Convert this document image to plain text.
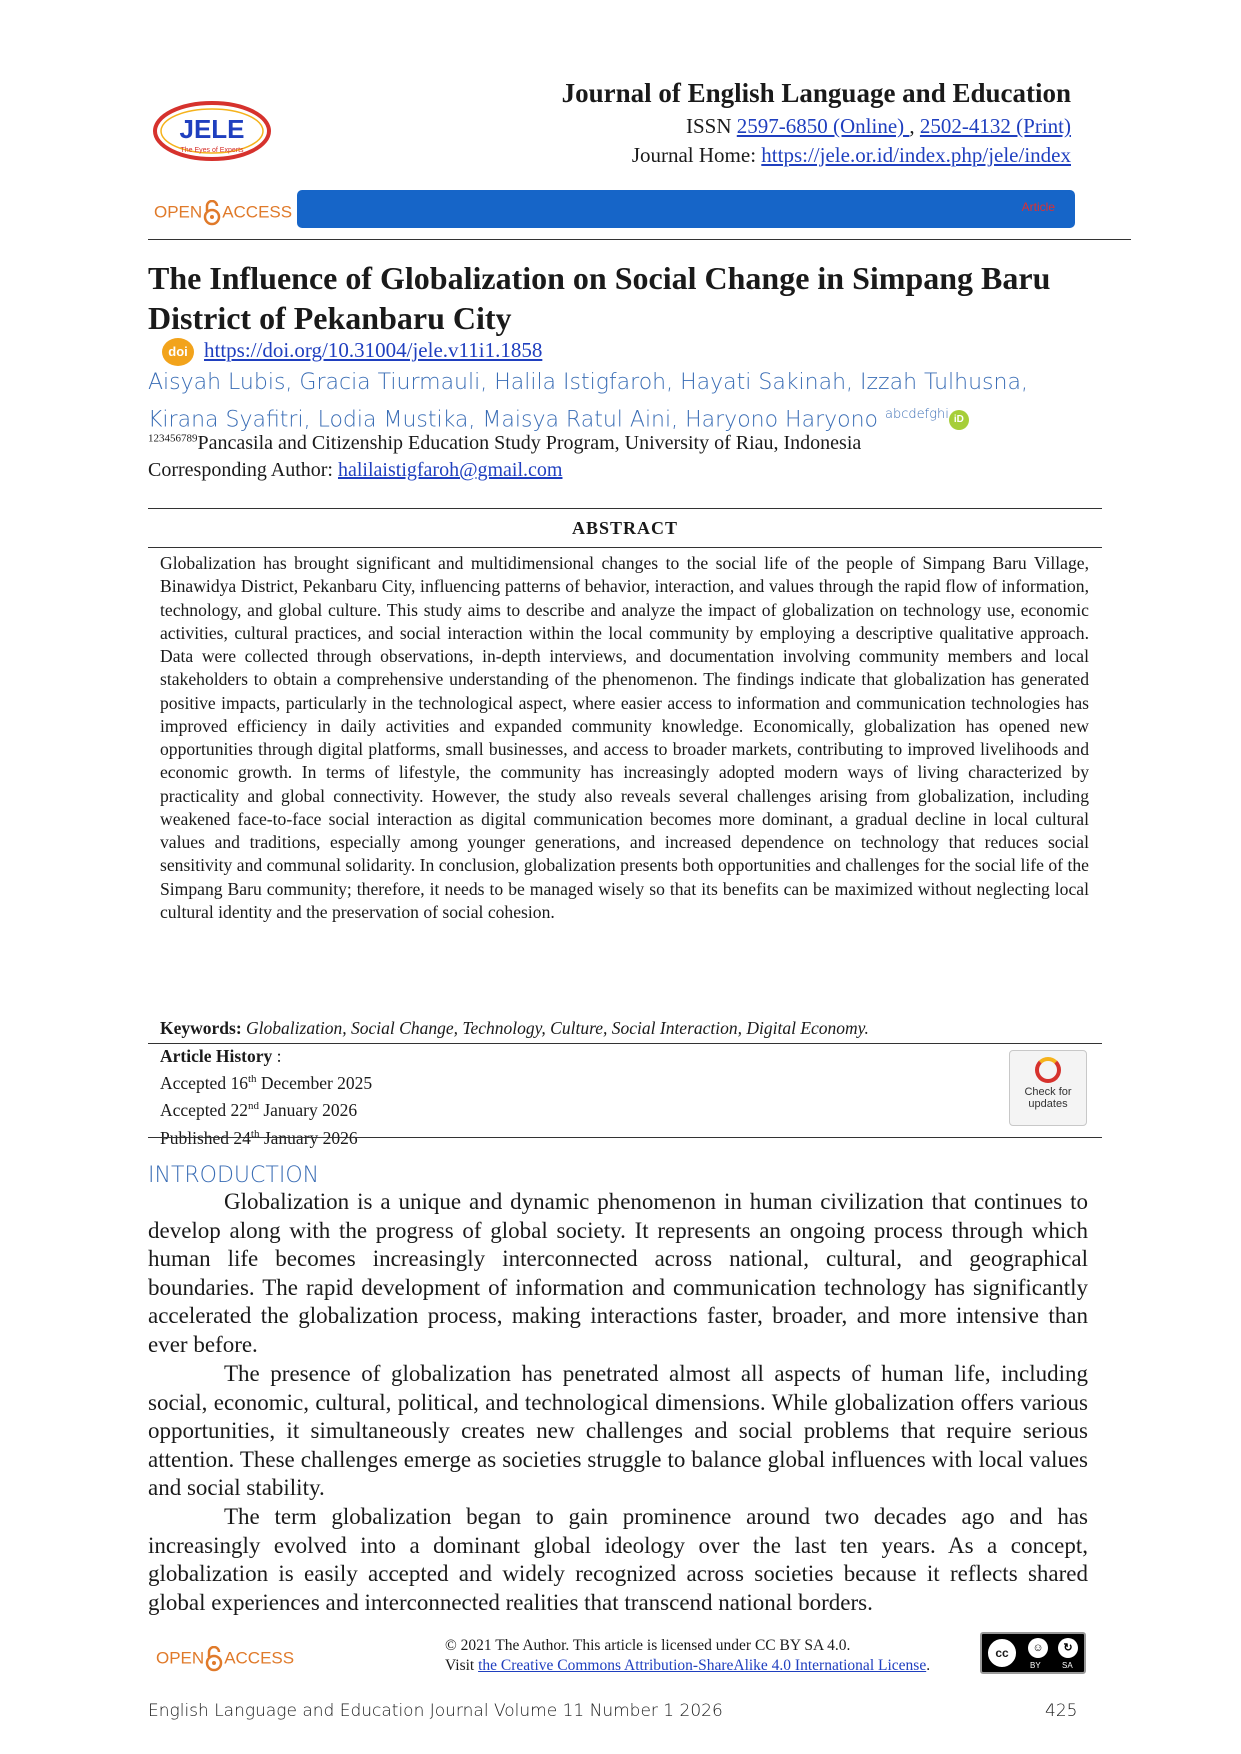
JELE
The Eyes of Experts
Journal of English Language and Education
ISSN 2597-6850 (Online) , 2502-4132 (Print)
Journal Home: https://jele.or.id/index.php/jele/index
OPEN ACCESS	Article
The Influence of Globalization on Social Change in Simpang Baru District of Pekanbaru City
doi https://doi.org/10.31004/jele.v11i1.1858
Aisyah Lubis, Gracia Tiurmauli, Halila Istigfaroh, Hayati Sakinah, Izzah Tulhusna, Kirana Syafitri, Lodia Mustika, Maisya Ratul Aini, Haryono Haryono $^{abcdefghi}$ iD
$^{123456789}$Pancasila and Citizenship Education Study Program, University of Riau, Indonesia
Corresponding Author: halilaistigfaroh@gmail.com
ABSTRACT
Globalization has brought significant and multidimensional changes to the social life of the people of Simpang Baru Village, Binawidya District, Pekanbaru City, influencing patterns of behavior, interaction, and values through the rapid flow of information, technology, and global culture. This study aims to describe and analyze the impact of globalization on technology use, economic activities, cultural practices, and social interaction within the local community by employing a descriptive qualitative approach. Data were collected through observations, in-depth interviews, and documentation involving community members and local stakeholders to obtain a comprehensive understanding of the phenomenon. The findings indicate that globalization has generated positive impacts, particularly in the technological aspect, where easier access to information and communication technologies has improved efficiency in daily activities and expanded community knowledge. Economically, globalization has opened new opportunities through digital platforms, small businesses, and access to broader markets, contributing to improved livelihoods and economic growth. In terms of lifestyle, the community has increasingly adopted modern ways of living characterized by practicality and global connectivity. However, the study also reveals several challenges arising from globalization, including weakened face-to-face social interaction as digital communication becomes more dominant, a gradual decline in local cultural values and traditions, especially among younger generations, and increased dependence on technology that reduces social sensitivity and communal solidarity. In conclusion, globalization presents both opportunities and challenges for the social life of the Simpang Baru community; therefore, it needs to be managed wisely so that its benefits can be maximized without neglecting local cultural identity and the preservation of social cohesion.
Keywords: Globalization, Social Change, Technology, Culture, Social Interaction, Digital Economy.
Article History :
Accepted 16th December 2025
Accepted 22nd January 2026
Published 24th January 2026
Check for updates
INTRODUCTION

Globalization is a unique and dynamic phenomenon in human civilization that continues to develop along with the progress of global society. It represents an ongoing process through which human life becomes increasingly interconnected across national, cultural, and geographical boundaries. The rapid development of information and communication technology has significantly accelerated the globalization process, making interactions faster, broader, and more intensive than ever before.

The presence of globalization has penetrated almost all aspects of human life, including social, economic, cultural, political, and technological dimensions. While globalization offers various opportunities, it simultaneously creates new challenges and social problems that require serious attention. These challenges emerge as societies struggle to balance global influences with local values and social stability.

The term globalization began to gain prominence around two decades ago and has increasingly evolved into a dominant global ideology over the last ten years. As a concept, globalization is easily accepted and widely recognized across societies because it reflects shared global experiences and interconnected realities that transcend national borders.

OPEN ACCESS
© 2021 The Author. This article is licensed under CC BY SA 4.0.
Visit the Creative Commons Attribution-ShareAlike 4.0 International License.
cc	☺	↻
BY	SA
English Language and Education Journal Volume 11 Number 1 2026	425
